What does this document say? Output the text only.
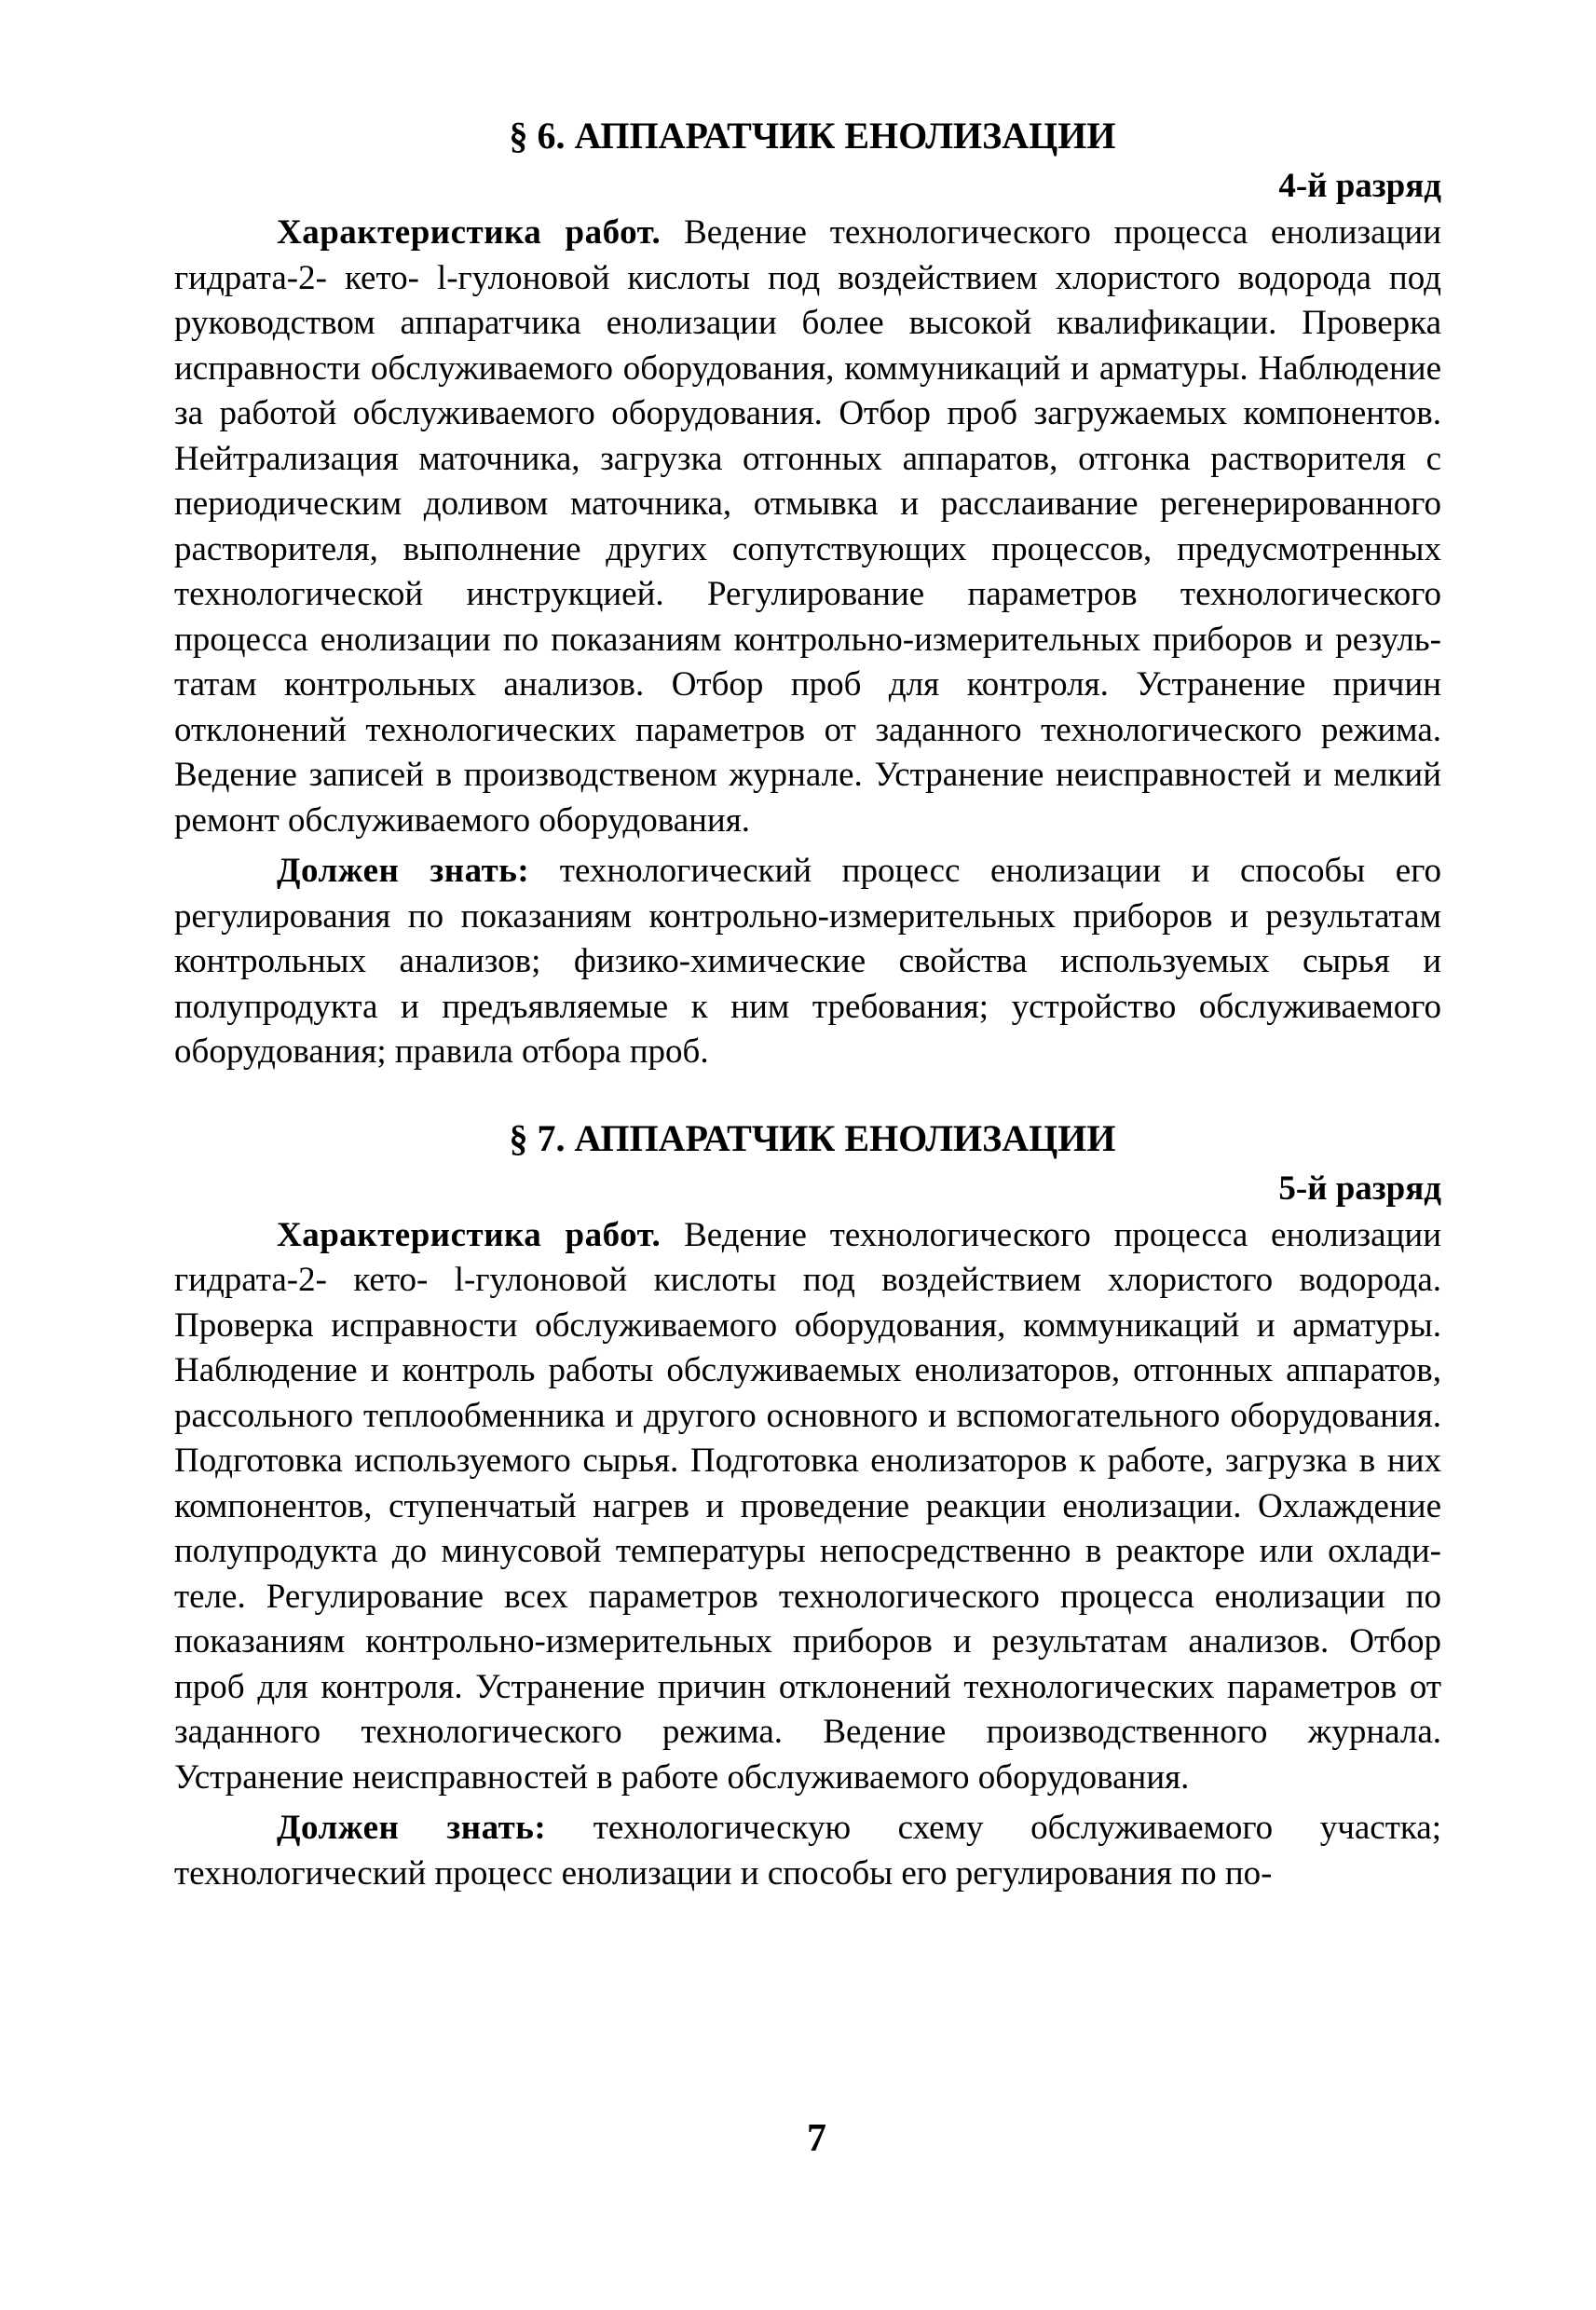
§ 6. АППАРАТЧИК ЕНОЛИЗАЦИИ

4-й разряд

Характеристика работ. Ведение технологического процесса енолизации гидрата-2- кето- l-гулоновой кислоты под воздействием хлористого водорода под руководством аппаратчика енолизации более высокой квалификации. Проверка исправности обслуживаемого оборудования, коммуникаций и арматуры. Наблюдение за работой обслуживаемого оборудования. Отбор проб загружаемых компонентов. Нейтрализация маточника, загрузка отгонных аппаратов, отгонка растворителя с периодическим доливом маточника, отмывка и расслаивание регенерированного растворителя, выполнение других сопутствующих процессов, предусмотренных технологической инструкцией. Регулирование параметров технологического процесса енолизации по показаниям контрольно-измерительных приборов и результатам контрольных анализов. Отбор проб для контроля. Устранение причин отклонений технологических параметров от заданного технологического режима. Ведение записей в производственом журнале. Устранение неисправностей и мелкий ремонт обслуживаемого оборудования.

Должен знать: технологический процесс енолизации и способы его регулирования по показаниям контрольно-измерительных приборов и результатам контрольных анализов; физико-химические свойства используемых сырья и полупродукта и предъявляемые к ним требования; устройство обслуживаемого оборудования; правила отбора проб.

§ 7. АППАРАТЧИК ЕНОЛИЗАЦИИ

5-й разряд

Характеристика работ. Ведение технологического процесса енолизации гидрата-2- кето- l-гулоновой кислоты под воздействием хлористого водорода. Проверка исправности обслуживаемого оборудования, коммуникаций и арматуры. Наблюдение и контроль работы обслуживаемых енолизаторов, отгонных аппаратов, рассольного теплообменника и другого основного и вспомогательного оборудования. Подготовка используемого сырья. Подготовка енолизаторов к работе, загрузка в них компонентов, ступенчатый нагрев и проведение реакции енолизации. Охлаждение полупродукта до минусовой температуры непосредственно в реакторе или охладителе. Регулирование всех параметров технологического процесса енолизации по показаниям контрольно-измерительных приборов и результатам анализов. Отбор проб для контроля. Устранение причин отклонений технологических параметров от заданного технологического режима. Ведение производственного журнала. Устранение неисправностей в работе обслуживаемого оборудования.

Должен знать: технологическую схему обслуживаемого участка; технологический процесс енолизации и способы его регулирования по по-

7
